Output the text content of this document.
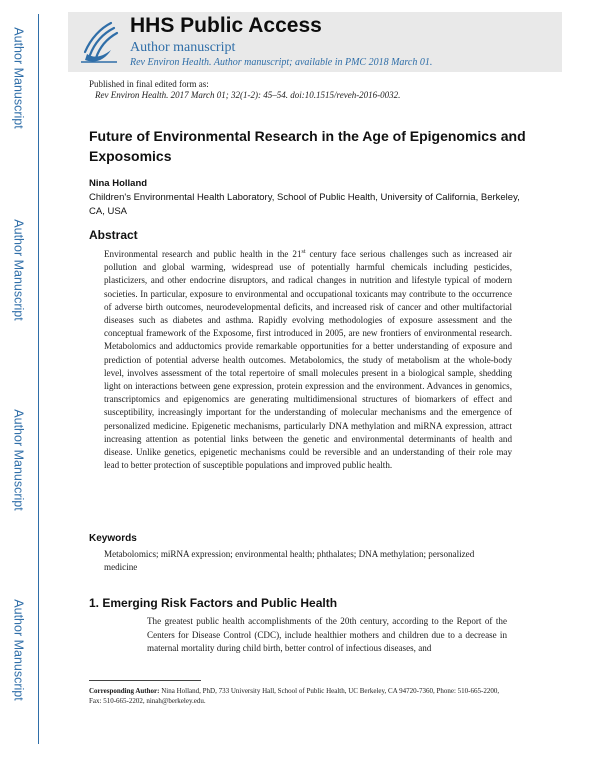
Author Manuscript
Author Manuscript
Author Manuscript
Author Manuscript
HHS Public Access
Author manuscript
Rev Environ Health. Author manuscript; available in PMC 2018 March 01.
Published in final edited form as:
Rev Environ Health. 2017 March 01; 32(1-2): 45–54. doi:10.1515/reveh-2016-0032.
Future of Environmental Research in the Age of Epigenomics and Exposomics
Nina Holland
Children's Environmental Health Laboratory, School of Public Health, University of California, Berkeley, CA, USA
Abstract

Environmental research and public health in the 21st century face serious challenges such as increased air pollution and global warming, widespread use of potentially harmful chemicals including pesticides, plasticizers, and other endocrine disruptors, and radical changes in nutrition and lifestyle typical of modern societies. In particular, exposure to environmental and occupational toxicants may contribute to the occurrence of adverse birth outcomes, neurodevelopmental deficits, and increased risk of cancer and other multifactorial diseases such as diabetes and asthma. Rapidly evolving methodologies of exposure assessment and the conceptual framework of the Exposome, first introduced in 2005, are new frontiers of environmental research. Metabolomics and adductomics provide remarkable opportunities for a better understanding of exposure and prediction of potential adverse health outcomes. Metabolomics, the study of metabolism at the whole-body level, involves assessment of the total repertoire of small molecules present in a biological sample, shedding light on interactions between gene expression, protein expression and the environment. Advances in genomics, transcriptomics and epigenomics are generating multidimensional structures of biomarkers of effect and susceptibility, increasingly important for the understanding of molecular mechanisms and the emergence of personalized medicine. Epigenetic mechanisms, particularly DNA methylation and miRNA expression, attract increasing attention as potential links between the genetic and environmental determinants of health and disease. Unlike genetics, epigenetic mechanisms could be reversible and an understanding of their role may lead to better protection of susceptible populations and improved public health.

Keywords
Metabolomics; miRNA expression; environmental health; phthalates; DNA methylation; personalized medicine
1. Emerging Risk Factors and Public Health

The greatest public health accomplishments of the 20th century, according to the Report of the Centers for Disease Control (CDC), include healthier mothers and children due to a decrease in maternal mortality during child birth, better control of infectious diseases, and

Corresponding Author: Nina Holland, PhD, 733 University Hall, School of Public Health, UC Berkeley, CA 94720-7360, Phone: 510-665-2200, Fax: 510-665-2202, ninah@berkeley.edu.
